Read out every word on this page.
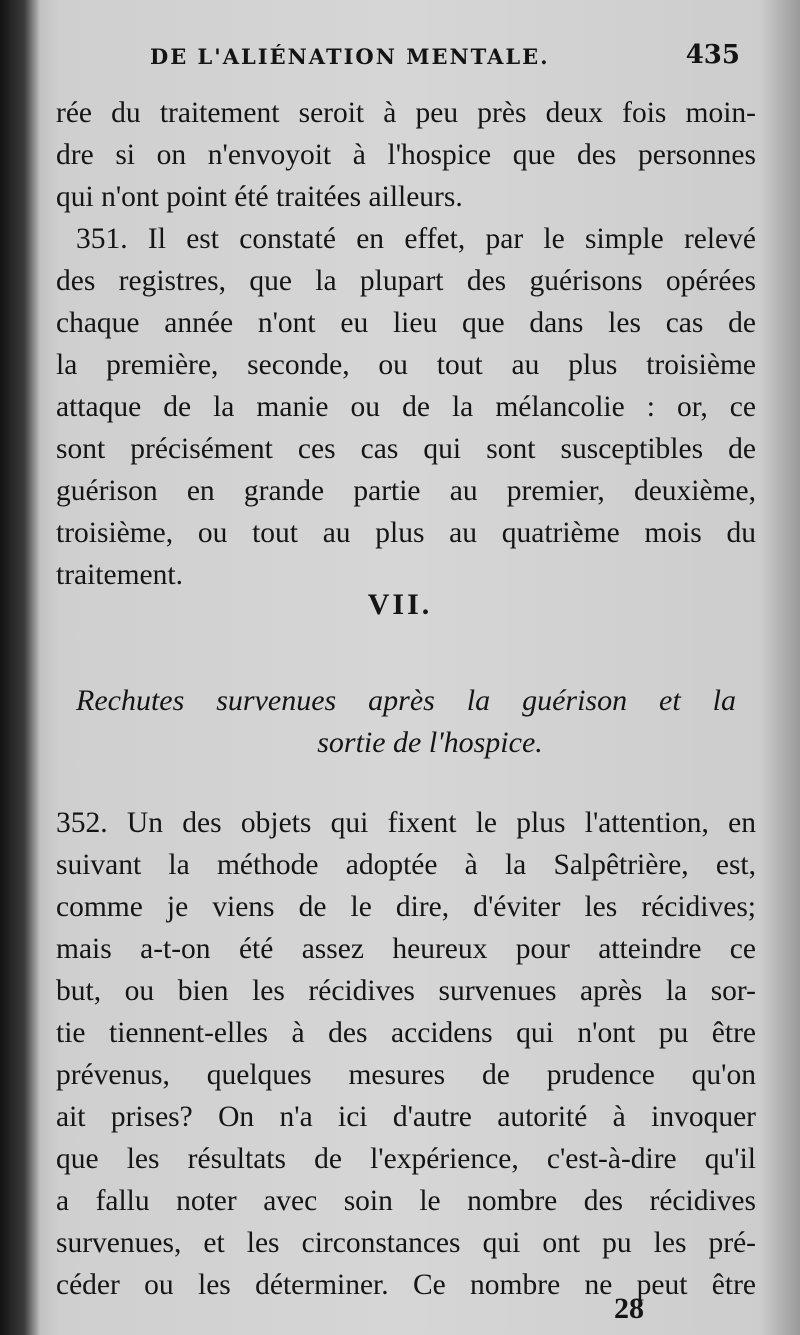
DE L'ALIÉNATION MENTALE.	435
rée du traitement seroit à peu près deux fois moin-
dre si on n'envoyoit à l'hospice que des personnes
qui n'ont point été traitées ailleurs.
351. Il est constaté en effet, par le simple relevé
des registres, que la plupart des guérisons opérées
chaque année n'ont eu lieu que dans les cas de
la première, seconde, ou tout au plus troisième
attaque de la manie ou de la mélancolie : or, ce
sont précisément ces cas qui sont susceptibles de
guérison en grande partie au premier, deuxième,
troisième, ou tout au plus au quatrième mois du
traitement.
VII.
Rechutes survenues après la guérison et la
sortie de l'hospice.
352. Un des objets qui fixent le plus l'attention, en
suivant la méthode adoptée à la Salpêtrière, est,
comme je viens de le dire, d'éviter les récidives;
mais a-t-on été assez heureux pour atteindre ce
but, ou bien les récidives survenues après la sor-
tie tiennent-elles à des accidens qui n'ont pu être
prévenus, quelques mesures de prudence qu'on
ait prises? On n'a ici d'autre autorité à invoquer
que les résultats de l'expérience, c'est-à-dire qu'il
a fallu noter avec soin le nombre des récidives
survenues, et les circonstances qui ont pu les pré-
céder ou les déterminer. Ce nombre ne peut être
28
